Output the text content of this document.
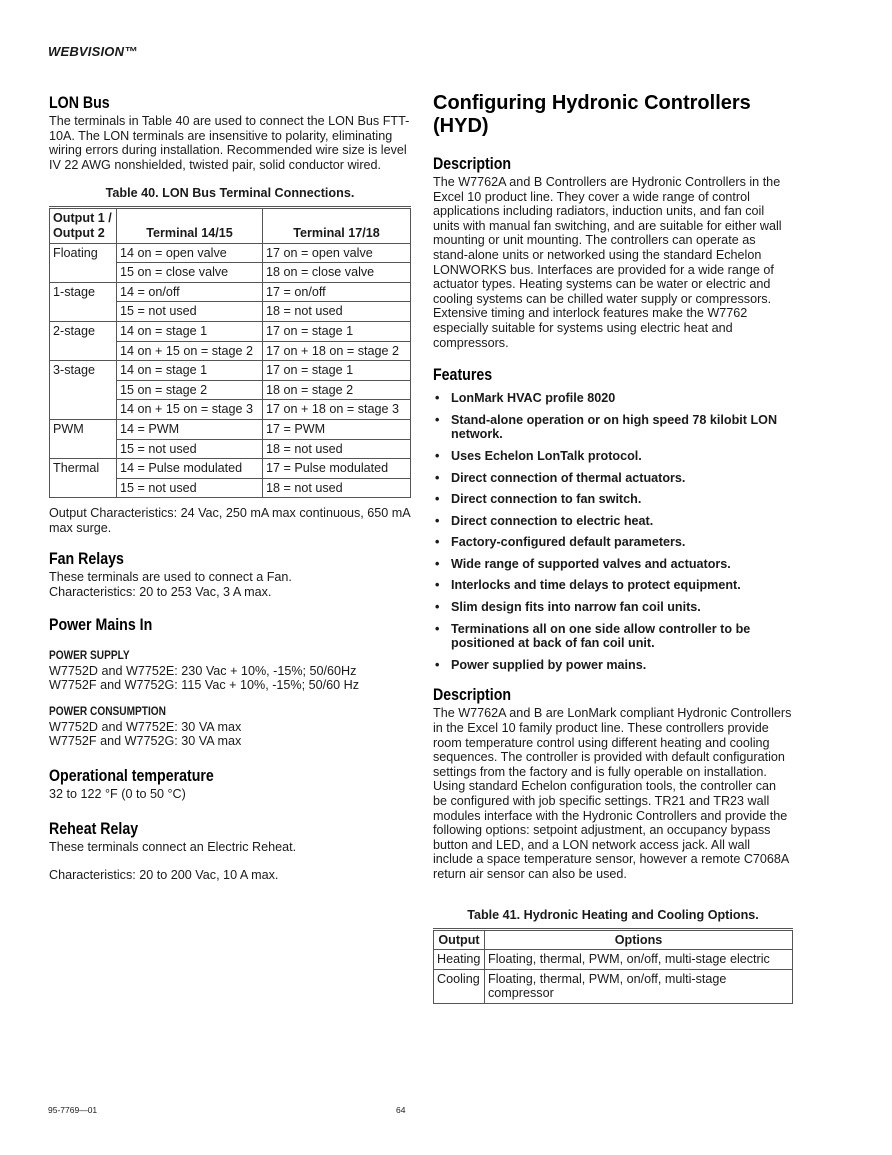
WEBVISION™
LON Bus

The terminals in Table 40 are used to connect the LON Bus FTT-10A. The LON terminals are insensitive to polarity, eliminating wiring errors during installation. Recommended wire size is level IV 22 AWG nonshielded, twisted pair, solid conductor wired.

Table 40. LON Bus Terminal Connections.
Output 1 / Output 2	Terminal 14/15	Terminal 17/18
Floating	14 on = open valve	17 on = open valve
	15 on = close valve	18 on = close valve
1-stage	14 = on/off	17 = on/off
	15 = not used	18 = not used
2-stage	14 on = stage 1	17 on = stage 1
	14 on + 15 on = stage 2	17 on + 18 on = stage 2
3-stage	14 on = stage 1	17 on = stage 1
	15 on = stage 2	18 on = stage 2
	14 on + 15 on = stage 3	17 on + 18 on = stage 3
PWM	14 = PWM	17 = PWM
	15 = not used	18 = not used
Thermal	14 = Pulse modulated	17 = Pulse modulated
	15 = not used	18 = not used

Output Characteristics: 24 Vac, 250 mA max continuous, 650 mA max surge.

Fan Relays

These terminals are used to connect a Fan.

Characteristics: 20 to 253 Vac, 3 A max.

Power Mains In
POWER SUPPLY

W7752D and W7752E: 230 Vac + 10%, -15%; 50/60Hz

W7752F and W7752G: 115 Vac + 10%, -15%; 50/60 Hz

POWER CONSUMPTION

W7752D and W7752E: 30 VA max

W7752F and W7752G: 30 VA max

Operational temperature

32 to 122 °F (0 to 50 °C)

Reheat Relay

These terminals connect an Electric Reheat.

Characteristics: 20 to 200 Vac, 10 A max.

Configuring Hydronic Controllers (HYD)
Description

The W7762A and B Controllers are Hydronic Controllers in the Excel 10 product line. They cover a wide range of control applications including radiators, induction units, and fan coil units with manual fan switching, and are suitable for either wall mounting or unit mounting. The controllers can operate as stand-alone units or networked using the standard Echelon LONWORKS bus. Interfaces are provided for a wide range of actuator types. Heating systems can be water or electric and cooling systems can be chilled water supply or compressors. Extensive timing and interlock features make the W7762 especially suitable for systems using electric heat and compressors.

Features
• LonMark HVAC profile 8020
• Stand-alone operation or on high speed 78 kilobit LON network.
• Uses Echelon LonTalk protocol.
• Direct connection of thermal actuators.
• Direct connection to fan switch.
• Direct connection to electric heat.
• Factory-configured default parameters.
• Wide range of supported valves and actuators.
• Interlocks and time delays to protect equipment.
• Slim design fits into narrow fan coil units.
• Terminations all on one side allow controller to be positioned at back of fan coil unit.
• Power supplied by power mains.
Description

The W7762A and B are LonMark compliant Hydronic Controllers in the Excel 10 family product line. These controllers provide room temperature control using different heating and cooling sequences. The controller is provided with default configuration settings from the factory and is fully operable on installation. Using standard Echelon configuration tools, the controller can be configured with job specific settings. TR21 and TR23 wall modules interface with the Hydronic Controllers and provide the following options: setpoint adjustment, an occupancy bypass button and LED, and a LON network access jack. All wall include a space temperature sensor, however a remote C7068A return air sensor can also be used.

Table 41. Hydronic Heating and Cooling Options.
Output	Options
Heating	Floating, thermal, PWM, on/off, multi-stage electric
Cooling	Floating, thermal, PWM, on/off, multi-stage compressor
95-7769—01	64
